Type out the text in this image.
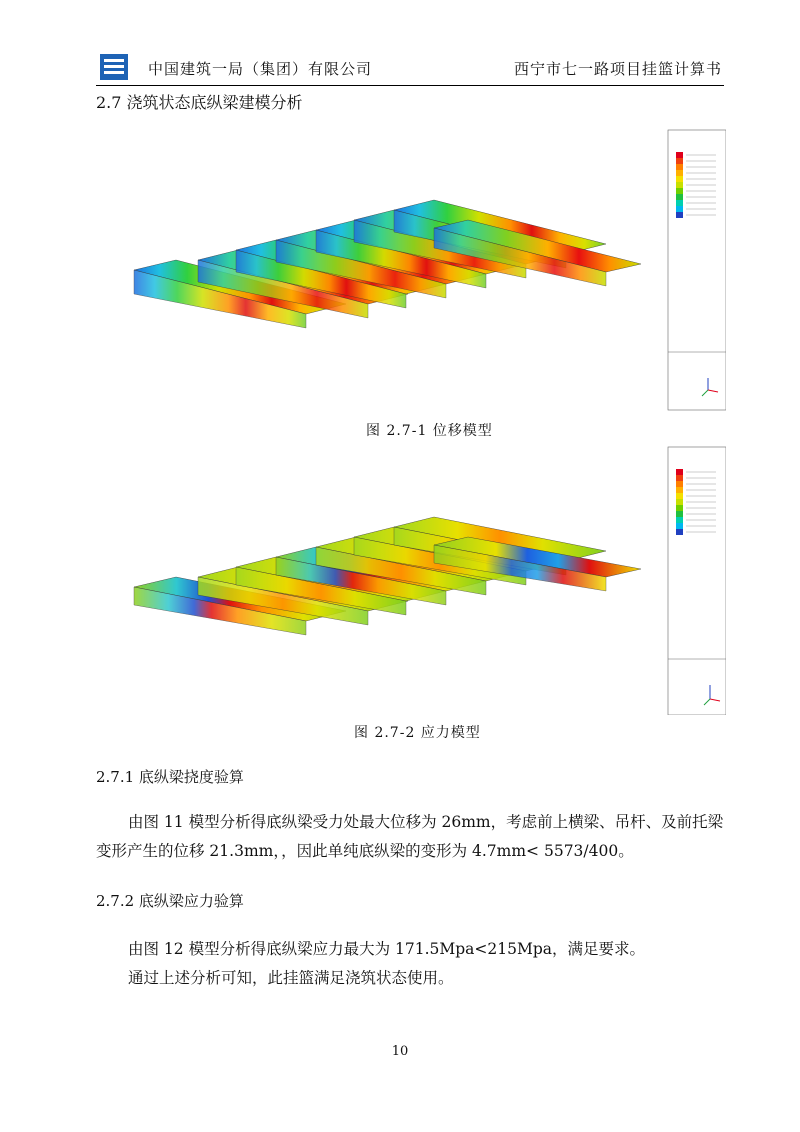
中国建筑一局（集团）有限公司	西宁市七一路项目挂篮计算书
2.7 浇筑状态底纵梁建模分析
图 2.7-1 位移模型
图 2.7-2 应力模型
2.7.1 底纵梁挠度验算
由图 11 模型分析得底纵梁受力处最大位移为 26mm，考虑前上横梁、吊杆、及前托梁变形产生的位移 21.3mm，，因此单纯底纵梁的变形为 4.7mm< 5573/400。
2.7.2 底纵梁应力验算
由图 12 模型分析得底纵梁应力最大为 171.5Mpa<215Mpa，满足要求。
通过上述分析可知，此挂篮满足浇筑状态使用。
10
